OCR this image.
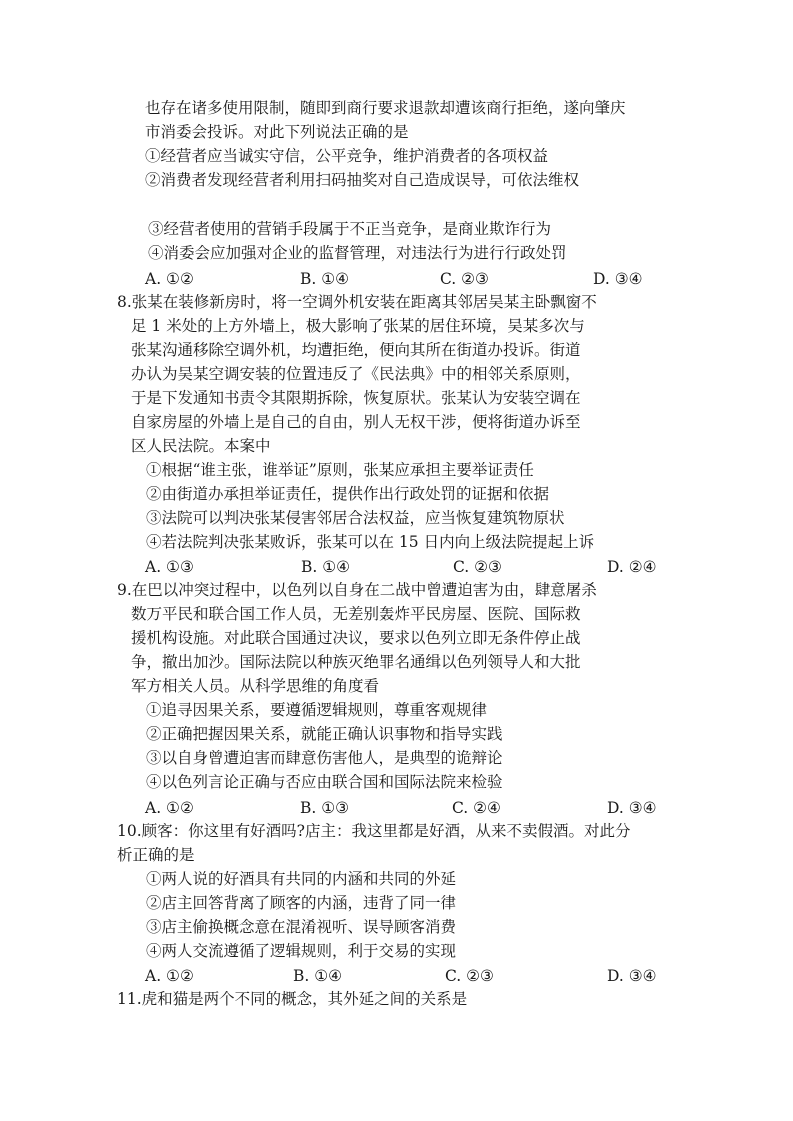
也存在诸多使用限制，随即到商行要求退款却遭该商行拒绝，遂向肇庆
市消委会投诉。对此下列说法正确的是
①经营者应当诚实守信，公平竞争，维护消费者的各项权益
②消费者发现经营者利用扫码抽奖对自己造成误导，可依法维权
③经营者使用的营销手段属于不正当竞争，是商业欺诈行为
④消委会应加强对企业的监督管理，对违法行为进行行政处罚
A. ①②	B. ①④	C. ②③	D. ③④
8.张某在装修新房时，将一空调外机安装在距离其邻居吴某主卧飘窗不
足 1 米处的上方外墙上，极大影响了张某的居住环境，吴某多次与
张某沟通移除空调外机，均遭拒绝，便向其所在街道办投诉。街道
办认为吴某空调安装的位置违反了《民法典》中的相邻关系原则，
于是下发通知书责令其限期拆除，恢复原状。张某认为安装空调在
自家房屋的外墙上是自己的自由，别人无权干涉，便将街道办诉至
区人民法院。本案中
①根据“谁主张，谁举证”原则，张某应承担主要举证责任
②由街道办承担举证责任，提供作出行政处罚的证据和依据
③法院可以判决张某侵害邻居合法权益，应当恢复建筑物原状
④若法院判决张某败诉，张某可以在 15 日内向上级法院提起上诉
A. ①③	B. ①④	C. ②③	D. ②④
9.在巴以冲突过程中，以色列以自身在二战中曾遭迫害为由，肆意屠杀
数万平民和联合国工作人员，无差别轰炸平民房屋、医院、国际救
援机构设施。对此联合国通过决议，要求以色列立即无条件停止战
争，撤出加沙。国际法院以种族灭绝罪名通缉以色列领导人和大批
军方相关人员。从科学思维的角度看
①追寻因果关系，要遵循逻辑规则，尊重客观规律
②正确把握因果关系，就能正确认识事物和指导实践
③以自身曾遭迫害而肆意伤害他人，是典型的诡辩论
④以色列言论正确与否应由联合国和国际法院来检验
A. ①②	B. ①③	C. ②④	D. ③④
10.顾客：你这里有好酒吗?店主：我这里都是好酒，从来不卖假酒。对此分
析正确的是
①两人说的好酒具有共同的内涵和共同的外延
②店主回答背离了顾客的内涵，违背了同一律
③店主偷换概念意在混淆视听、误导顾客消费
④两人交流遵循了逻辑规则，利于交易的实现
A. ①②	B. ①④	C. ②③	D. ③④
11.虎和猫是两个不同的概念，其外延之间的关系是
